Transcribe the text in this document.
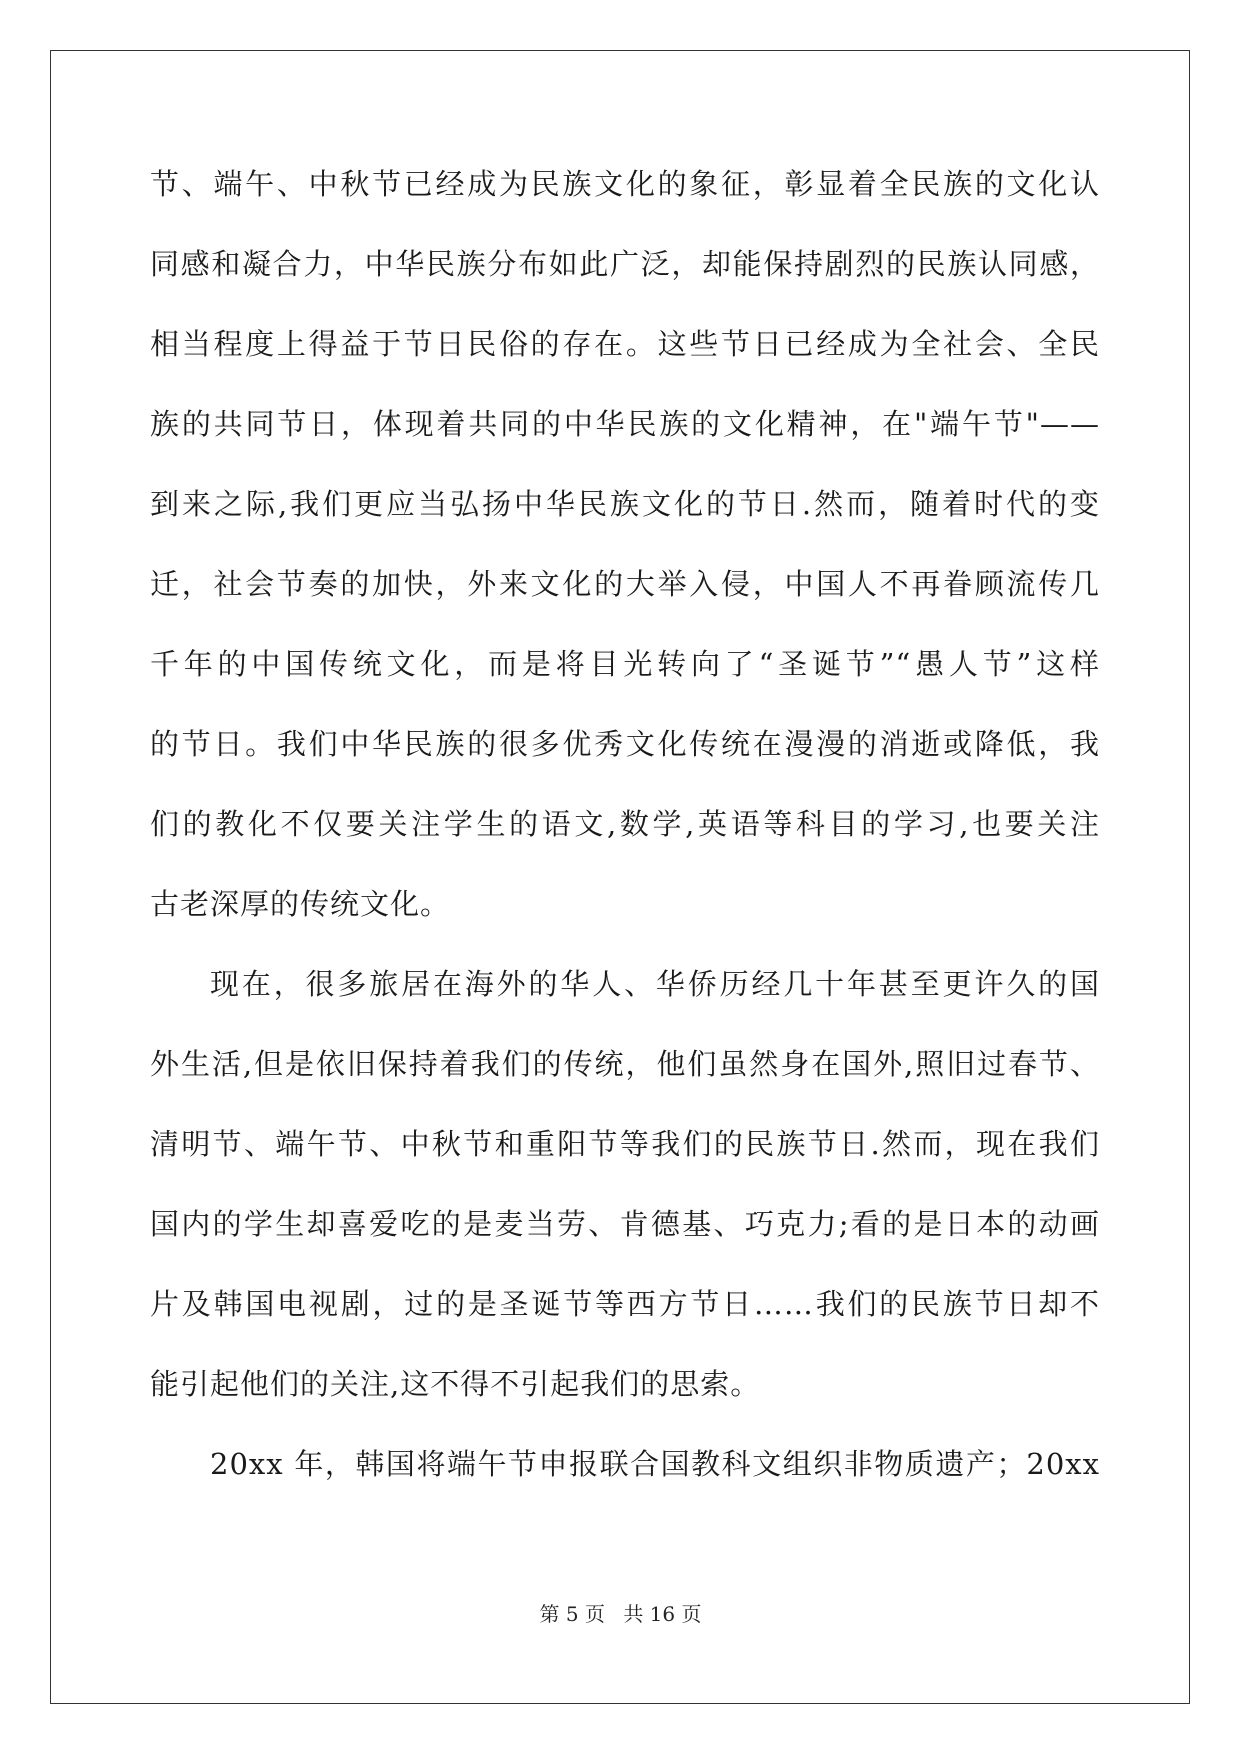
节、端午、中秋节已经成为民族文化的象征，彰显着全民族的文化认
同感和凝合力，中华民族分布如此广泛，却能保持剧烈的民族认同感，
相当程度上得益于节日民俗的存在。这些节日已经成为全社会、全民
族的共同节日，体现着共同的中华民族的文化精神，在"端午节"——
到来之际,我们更应当弘扬中华民族文化的节日.然而，随着时代的变
迁，社会节奏的加快，外来文化的大举入侵，中国人不再眷顾流传几
千年的中国传统文化，而是将目光转向了“圣诞节”“愚人节”这样
的节日。我们中华民族的很多优秀文化传统在漫漫的消逝或降低，我
们的教化不仅要关注学生的语文,数学,英语等科目的学习,也要关注
古老深厚的传统文化。
现在，很多旅居在海外的华人、华侨历经几十年甚至更许久的国
外生活,但是依旧保持着我们的传统，他们虽然身在国外,照旧过春节、
清明节、端午节、中秋节和重阳节等我们的民族节日.然而，现在我们
国内的学生却喜爱吃的是麦当劳、肯德基、巧克力;看的是日本的动画
片及韩国电视剧，过的是圣诞节等西方节日……我们的民族节日却不
能引起他们的关注,这不得不引起我们的思索。
20xx 年，韩国将端午节申报联合国教科文组织非物质遗产；20xx
第 5 页 共 16 页
